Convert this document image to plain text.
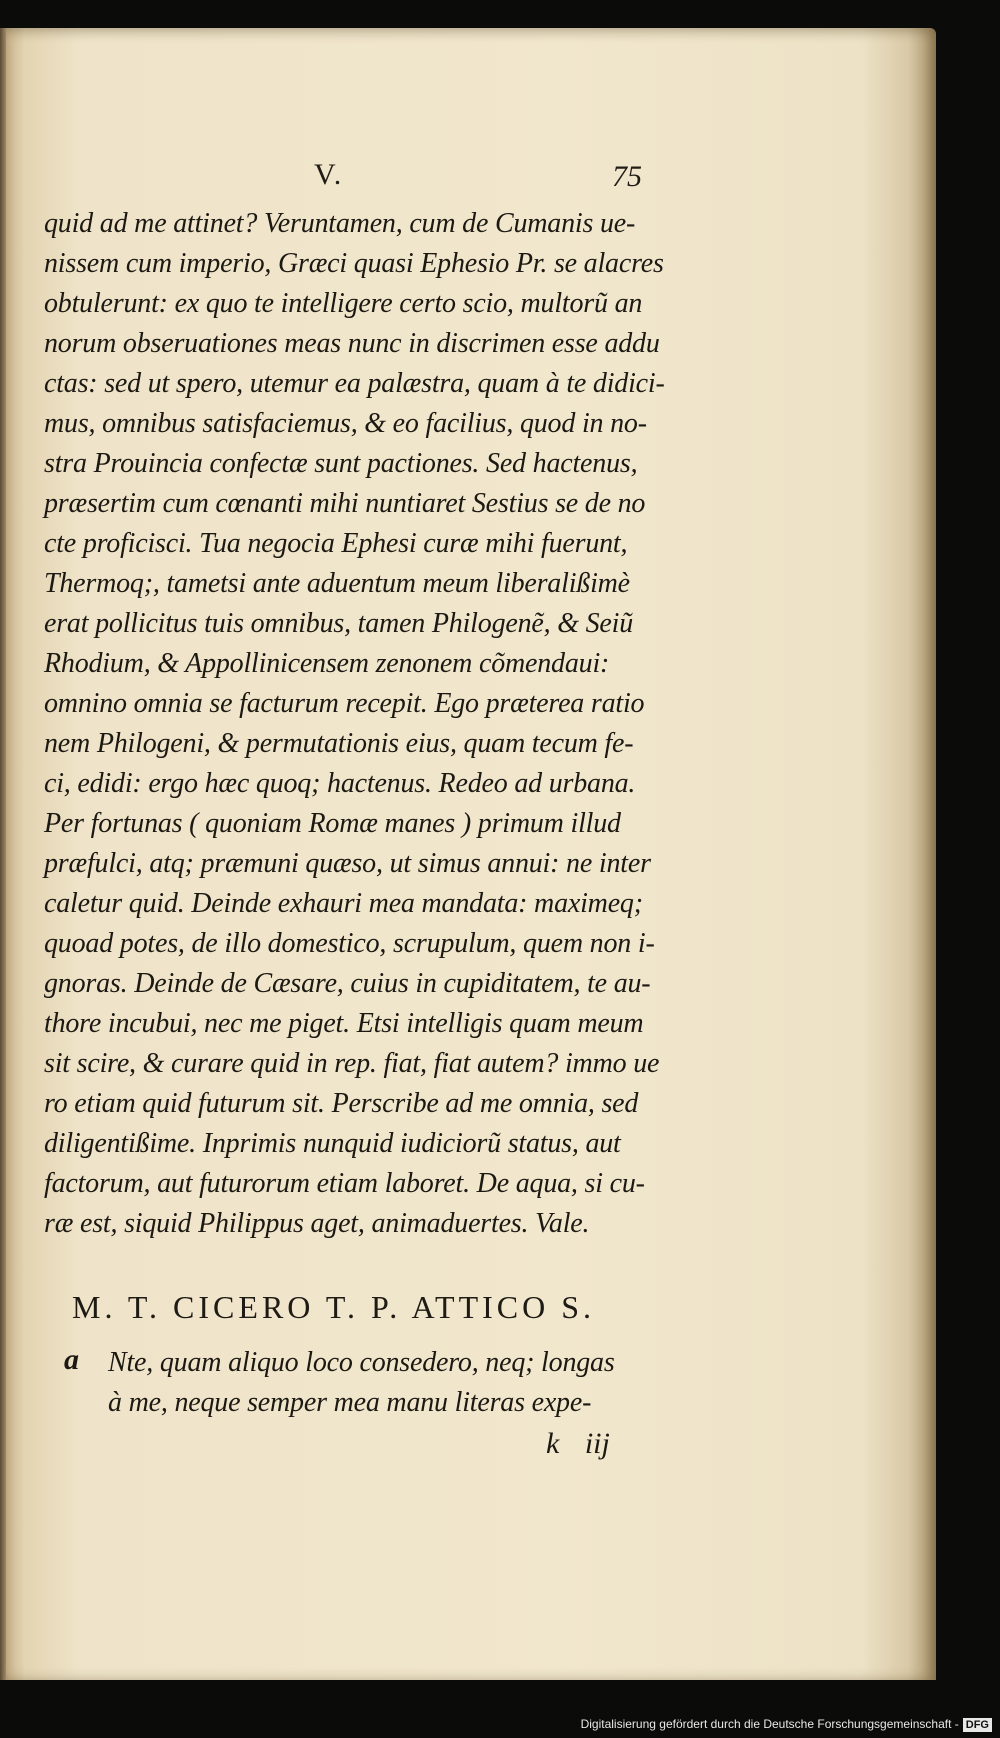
V.	75
quid ad me attinet? Veruntamen, cum de Cumanis ue-
nissem cum imperio, Græci quasi Ephesio Pr. se alacres
obtulerunt: ex quo te intelligere certo scio, multorũ an
norum obseruationes meas nunc in discrimen esse addu
ctas: sed ut spero, utemur ea palæstra, quam à te didici-
mus, omnibus satisfaciemus, & eo facilius, quod in no-
stra Prouincia confectæ sunt pactiones. Sed hactenus,
præsertim cum cœnanti mihi nuntiaret Sestius se de no
cte proficisci. Tua negocia Ephesi curæ mihi fuerunt,
Thermoq;, tametsi ante aduentum meum liberalißimè
erat pollicitus tuis omnibus, tamen Philogenẽ, & Seiũ
Rhodium, & Appollinicensem zenonem cõmendaui:
omnino omnia se facturum recepit. Ego præterea ratio
nem Philogeni, & permutationis eius, quam tecum fe-
ci, edidi: ergo hæc quoq; hactenus. Redeo ad urbana.
Per fortunas ( quoniam Romæ manes ) primum illud
præfulci, atq; præmuni quæso, ut simus annui: ne inter
caletur quid. Deinde exhauri mea mandata: maximeq;
quoad potes, de illo domestico, scrupulum, quem non i-
gnoras. Deinde de Cæsare, cuius in cupiditatem, te au-
thore incubui, nec me piget. Etsi intelligis quam meum
sit scire, & curare quid in rep. fiat, fiat autem? immo ue
ro etiam quid futurum sit. Perscribe ad me omnia, sed
diligentißime. Inprimis nunquid iudiciorũ status, aut
factorum, aut futurorum etiam laboret. De aqua, si cu-
ræ est, siquid Philippus aget, animaduertes. Vale.
M. T. CICERO T. P. ATTICO S.
a	Nte, quam aliquo loco consedero, neq; longas
à me, neque semper mea manu literas expe-
k iij
Digitalisierung gefördert durch die Deutsche Forschungsgemeinschaft - DFG
